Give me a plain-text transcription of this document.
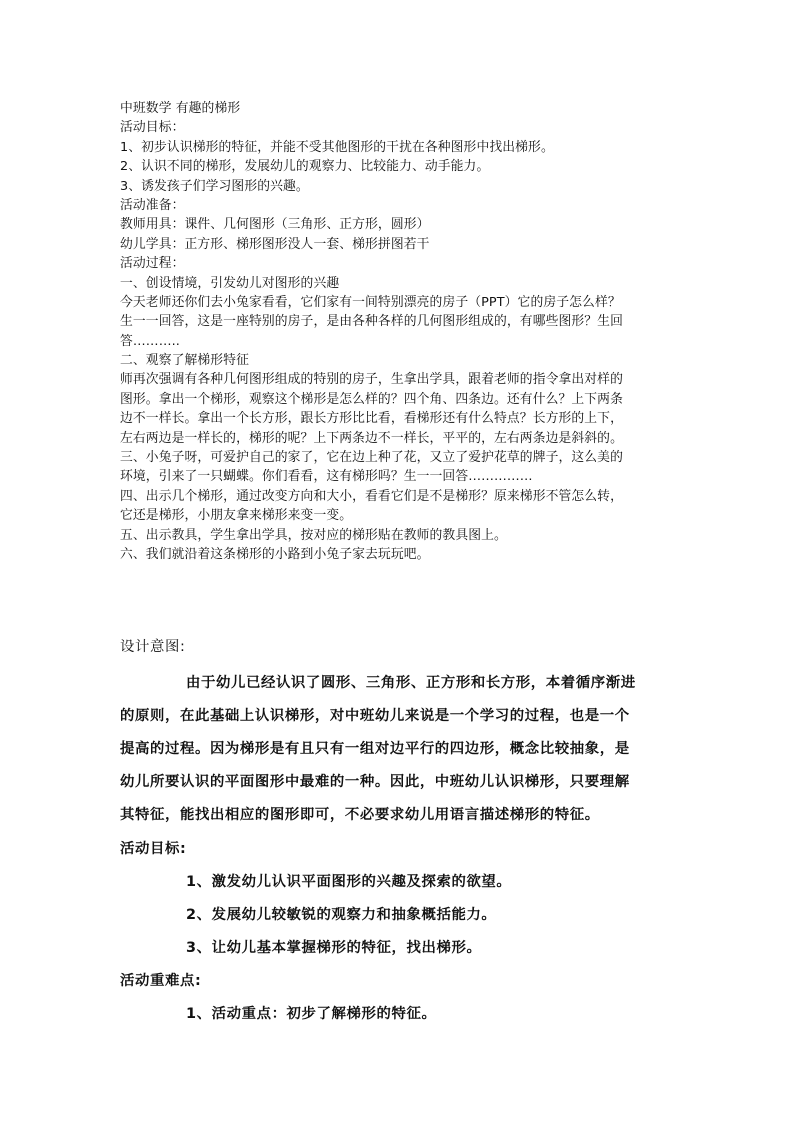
中班数学 有趣的梯形
活动目标：
1、初步认识梯形的特征，并能不受其他图形的干扰在各种图形中找出梯形。
2、认识不同的梯形，发展幼儿的观察力、比较能力、动手能力。
3、诱发孩子们学习图形的兴趣。
活动准备：
教师用具：课件、几何图形（三角形、正方形，圆形）
幼儿学具：正方形、梯形图形没人一套、梯形拼图若干
活动过程：
一、创设情境，引发幼儿对图形的兴趣
今天老师还你们去小兔家看看，它们家有一间特别漂亮的房子（PPT）它的房子怎么样？
生一一回答，这是一座特别的房子，是由各种各样的几何图形组成的，有哪些图形？生回
答………..
二、观察了解梯形特征
师再次强调有各种几何图形组成的特别的房子，生拿出学具，跟着老师的指令拿出对样的
图形。拿出一个梯形，观察这个梯形是怎么样的？四个角、四条边。还有什么？上下两条
边不一样长。拿出一个长方形，跟长方形比比看，看梯形还有什么特点？长方形的上下，
左右两边是一样长的，梯形的呢？上下两条边不一样长，平平的，左右两条边是斜斜的。
三、小兔子呀，可爱护自己的家了，它在边上种了花，又立了爱护花草的牌子，这么美的
环境，引来了一只蝴蝶。你们看看，这有梯形吗？生一一回答……………
四、出示几个梯形，通过改变方向和大小，看看它们是不是梯形？原来梯形不管怎么转，
它还是梯形，小朋友拿来梯形来变一变。
五、出示教具，学生拿出学具，按对应的梯形贴在教师的教具图上。
六、我们就沿着这条梯形的小路到小兔子家去玩玩吧。
设计意图:
由于幼儿已经认识了圆形、三角形、正方形和长方形，本着循序渐进
的原则，在此基础上认识梯形，对中班幼儿来说是一个学习的过程，也是一个
提高的过程。因为梯形是有且只有一组对边平行的四边形，概念比较抽象，是
幼儿所要认识的平面图形中最难的一种。因此，中班幼儿认识梯形，只要理解
其特征，能找出相应的图形即可，不必要求幼儿用语言描述梯形的特征。
活动目标:
1、激发幼儿认识平面图形的兴趣及探索的欲望。
2、发展幼儿较敏锐的观察力和抽象概括能力。
3、让幼儿基本掌握梯形的特征，找出梯形。
活动重难点:
1、活动重点：初步了解梯形的特征。
